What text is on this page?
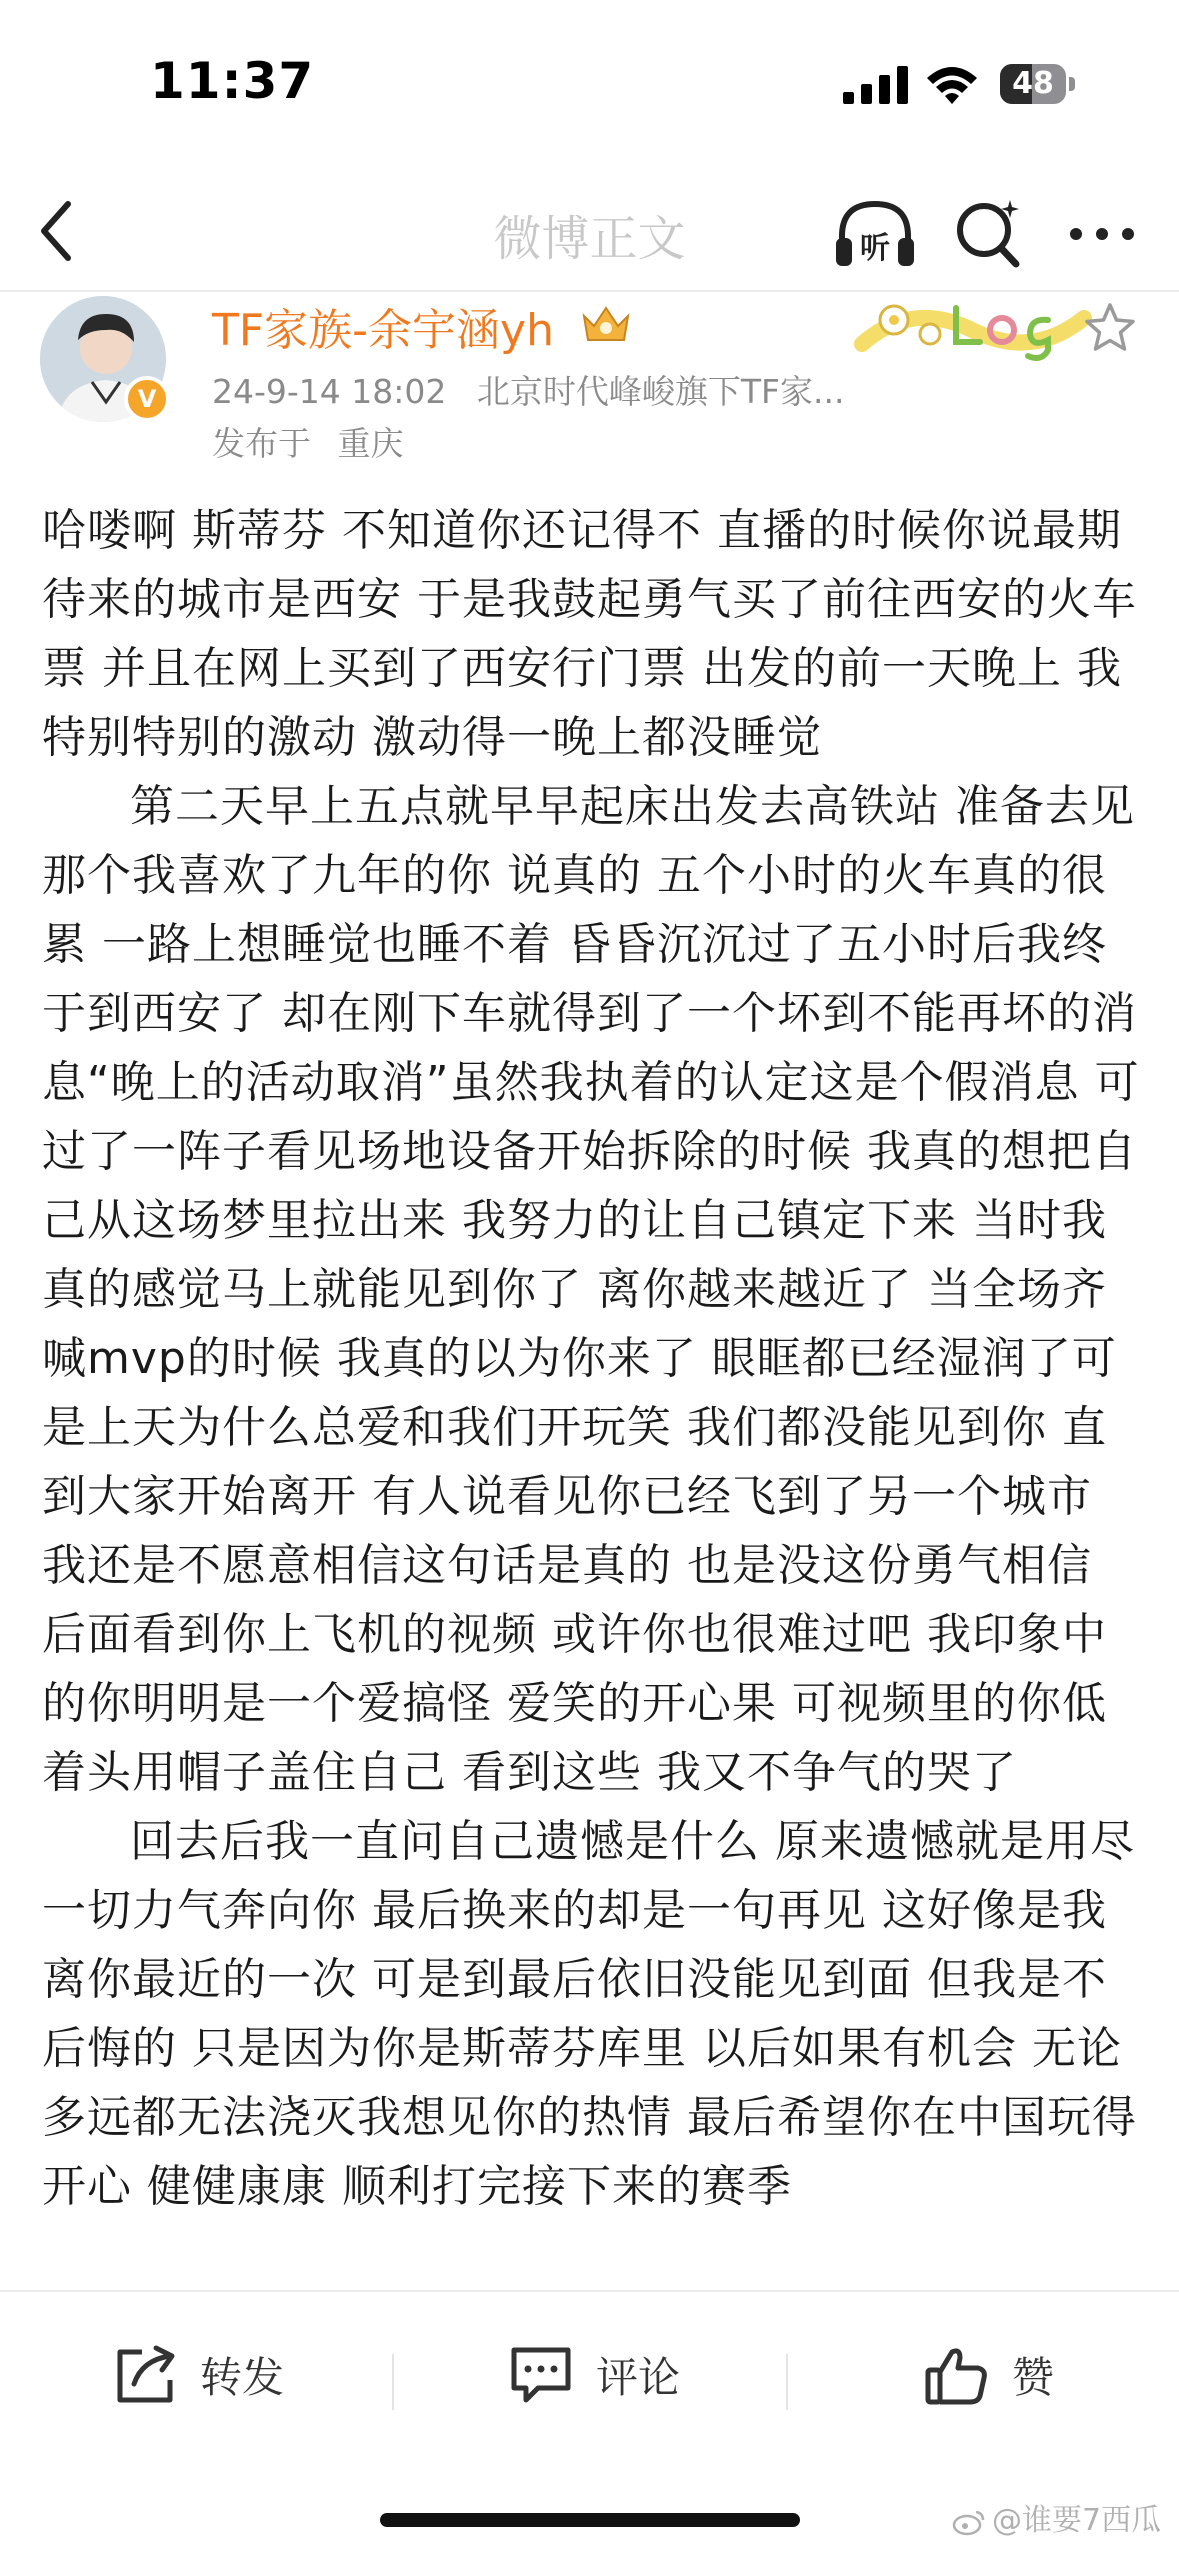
11:37	48
微博正文	听
V
TF家族-余宇涵yh
24-9-14 18:02 北京时代峰峻旗下TF家...
发布于 重庆

哈喽啊 斯蒂芬 不知道你还记得不 直播的时候你说最期待来的城市是西安 于是我鼓起勇气买了前往西安的火车票 并且在网上买到了西安行门票 出发的前一天晚上 我特别特别的激动 激动得一晚上都没睡觉

第二天早上五点就早早起床出发去高铁站 准备去见那个我喜欢了九年的你 说真的 五个小时的火车真的很累 一路上想睡觉也睡不着 昏昏沉沉过了五小时后我终于到西安了 却在刚下车就得到了一个坏到不能再坏的消息“晚上的活动取消”虽然我执着的认定这是个假消息 可过了一阵子看见场地设备开始拆除的时候 我真的想把自己从这场梦里拉出来 我努力的让自己镇定下来 当时我真的感觉马上就能见到你了 离你越来越近了 当全场齐喊mvp的时候 我真的以为你来了 眼眶都已经湿润了可是上天为什么总爱和我们开玩笑 我们都没能见到你 直到大家开始离开 有人说看见你已经飞到了另一个城市 我还是不愿意相信这句话是真的 也是没这份勇气相信 后面看到你上飞机的视频 或许你也很难过吧 我印象中的你明明是一个爱搞怪 爱笑的开心果 可视频里的你低着头用帽子盖住自己 看到这些 我又不争气的哭了

回去后我一直问自己遗憾是什么 原来遗憾就是用尽一切力气奔向你 最后换来的却是一句再见 这好像是我离你最近的一次 可是到最后依旧没能见到面 但我是不后悔的 只是因为你是斯蒂芬库里 以后如果有机会 无论多远都无法浇灭我想见你的热情 最后希望你在中国玩得开心 健健康康 顺利打完接下来的赛季

转发	评论	赞
@谁要7西瓜
